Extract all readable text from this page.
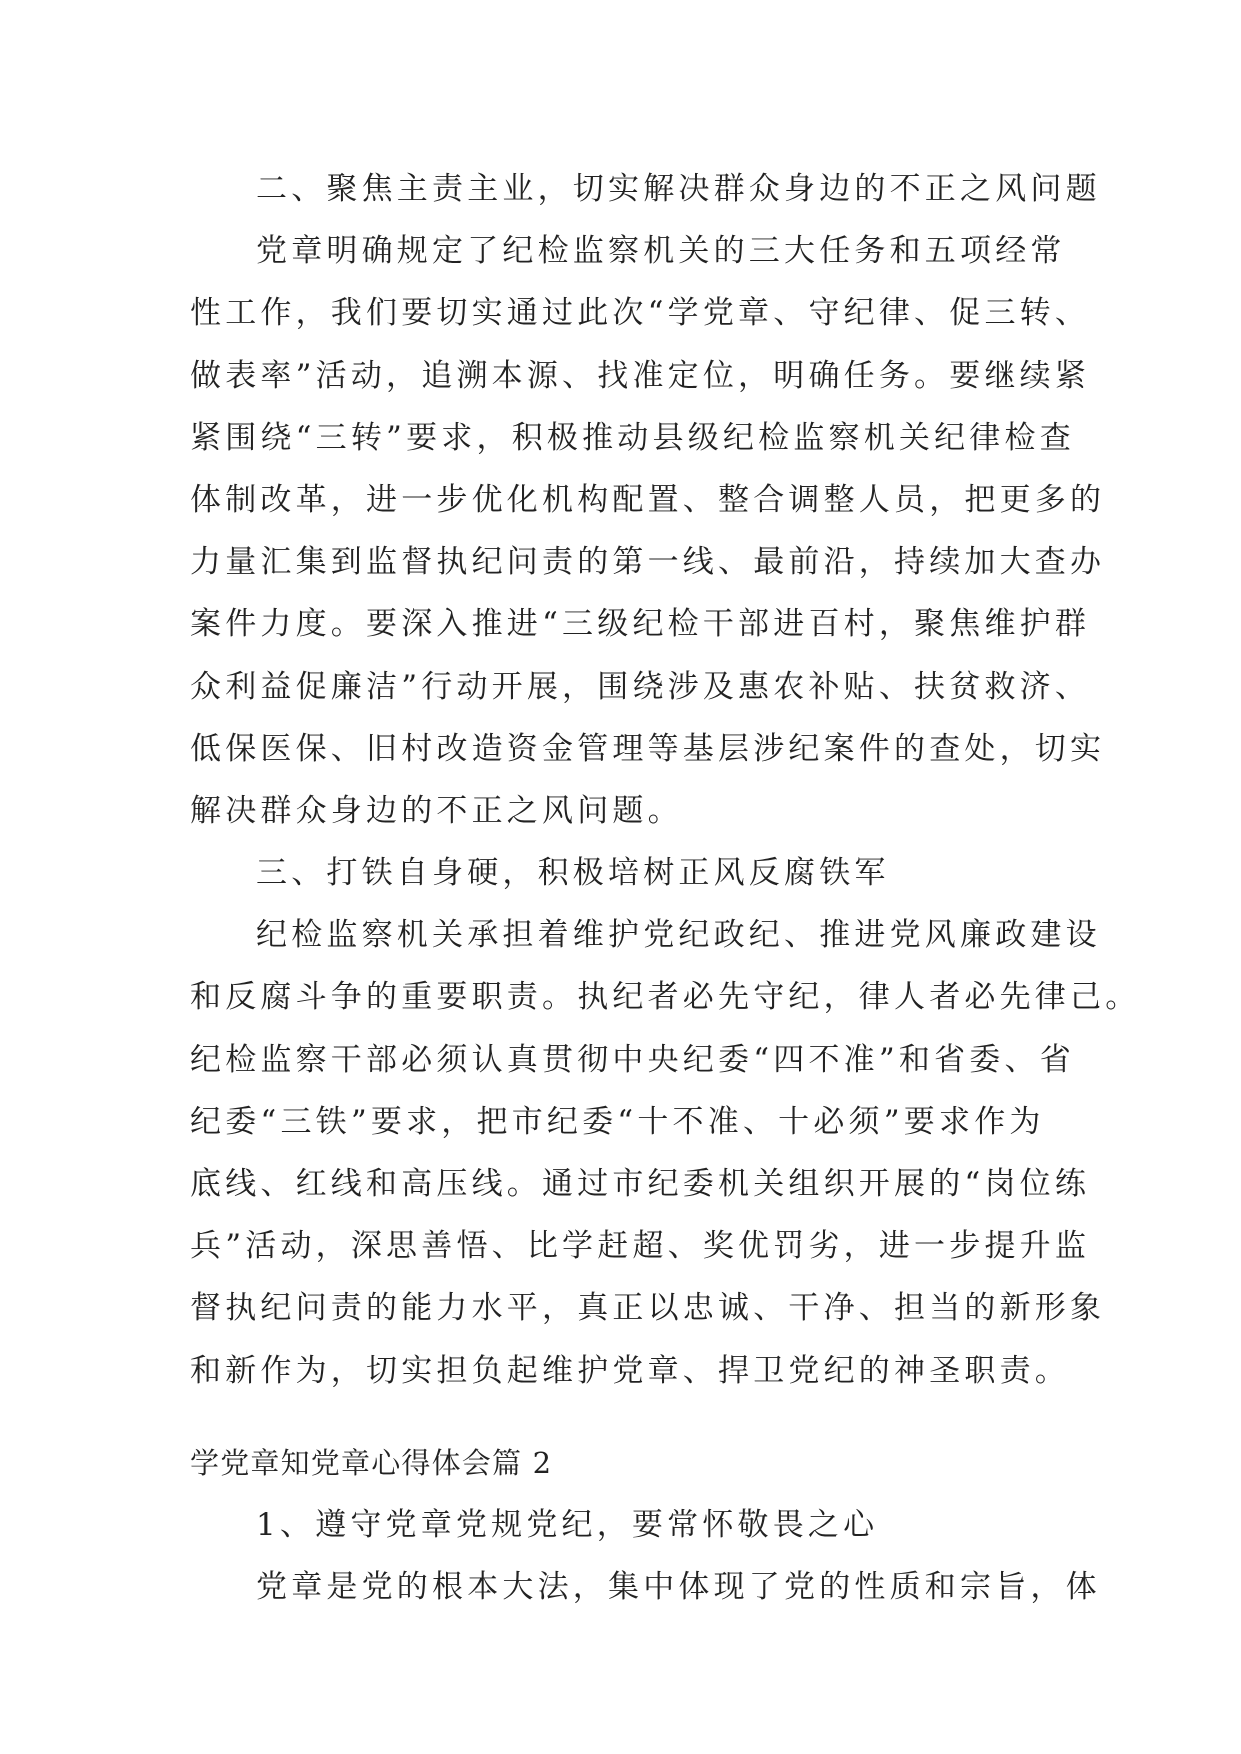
二、聚焦主责主业，切实解决群众身边的不正之风问题
党章明确规定了纪检监察机关的三大任务和五项经常
性工作，我们要切实通过此次“学党章、守纪律、促三转、
做表率”活动，追溯本源、找准定位，明确任务。要继续紧
紧围绕“三转”要求，积极推动县级纪检监察机关纪律检查
体制改革，进一步优化机构配置、整合调整人员，把更多的
力量汇集到监督执纪问责的第一线、最前沿，持续加大查办
案件力度。要深入推进“三级纪检干部进百村，聚焦维护群
众利益促廉洁”行动开展，围绕涉及惠农补贴、扶贫救济、
低保医保、旧村改造资金管理等基层涉纪案件的查处，切实
解决群众身边的不正之风问题。
三、打铁自身硬，积极培树正风反腐铁军
纪检监察机关承担着维护党纪政纪、推进党风廉政建设
和反腐斗争的重要职责。执纪者必先守纪，律人者必先律己。
纪检监察干部必须认真贯彻中央纪委“四不准”和省委、省
纪委“三铁”要求，把市纪委“十不准、十必须”要求作为
底线、红线和高压线。通过市纪委机关组织开展的“岗位练
兵”活动，深思善悟、比学赶超、奖优罚劣，进一步提升监
督执纪问责的能力水平，真正以忠诚、干净、担当的新形象
和新作为，切实担负起维护党章、捍卫党纪的神圣职责。
学党章知党章心得体会篇 2
1、遵守党章党规党纪，要常怀敬畏之心
党章是党的根本大法，集中体现了党的性质和宗旨，体
